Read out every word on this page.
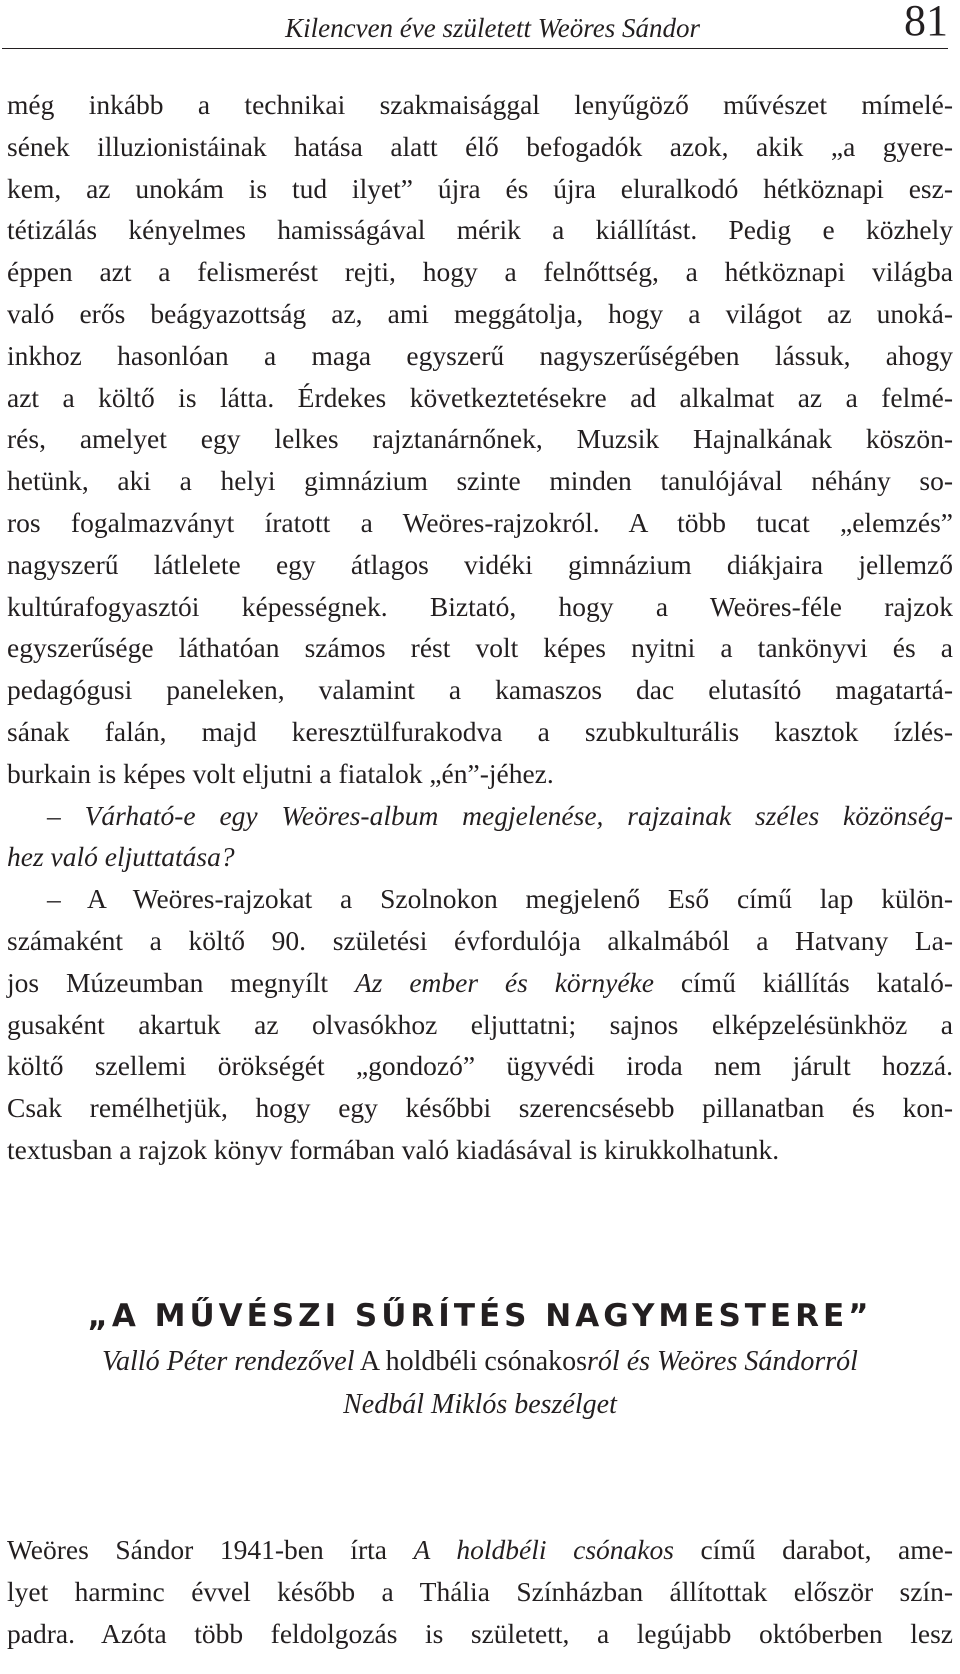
Kilencven éve született Weöres Sándor	81
még inkább a technikai szakmaisággal lenyűgöző művészet mímelé-
sének illuzionistáinak hatása alatt élő befogadók azok, akik „a gyere-
kem, az unokám is tud ilyet” újra és újra eluralkodó hétköznapi esz-
tétizálás kényelmes hamisságával mérik a kiállítást. Pedig e közhely
éppen azt a felismerést rejti, hogy a felnőttség, a hétköznapi világba
való erős beágyazottság az, ami meggátolja, hogy a világot az unoká-
inkhoz hasonlóan a maga egyszerű nagyszerűségében lássuk, ahogy
azt a költő is látta. Érdekes következtetésekre ad alkalmat az a felmé-
rés, amelyet egy lelkes rajztanárnőnek, Muzsik Hajnalkának köszön-
hetünk, aki a helyi gimnázium szinte minden tanulójával néhány so-
ros fogalmazványt íratott a Weöres-rajzokról. A több tucat „elemzés”
nagyszerű látlelete egy átlagos vidéki gimnázium diákjaira jellemző
kultúrafogyasztói képességnek. Biztató, hogy a Weöres-féle rajzok
egyszerűsége láthatóan számos rést volt képes nyitni a tankönyvi és a
pedagógusi paneleken, valamint a kamaszos dac elutasító magatartá-
sának falán, majd keresztülfurakodva a szubkulturális kasztok ízlés-
burkain is képes volt eljutni a fiatalok „én”-jéhez.
– Várható-e egy Weöres-album megjelenése, rajzainak széles közönség-
hez való eljuttatása?
– A Weöres-rajzokat a Szolnokon megjelenő Eső című lap külön-
számaként a költő 90. születési évfordulója alkalmából a Hatvany La-
jos Múzeumban megnyílt Az ember és környéke című kiállítás kataló-
gusaként akartuk az olvasókhoz eljuttatni; sajnos elképzelésünkhöz a
költő szellemi örökségét „gondozó” ügyvédi iroda nem járult hozzá.
Csak remélhetjük, hogy egy későbbi szerencsésebb pillanatban és kon-
textusban a rajzok könyv formában való kiadásával is kirukkolhatunk.
„A MŰVÉSZI SŰRÍTÉS NAGYMESTERE”
Valló Péter rendezővel A holdbéli csónakosról és Weöres Sándorról
Nedbál Miklós beszélget
Weöres Sándor 1941-ben írta A holdbéli csónakos című darabot, ame-
lyet harminc évvel később a Thália Színházban állítottak először szín-
padra. Azóta több feldolgozás is született, a legújabb októberben lesz
